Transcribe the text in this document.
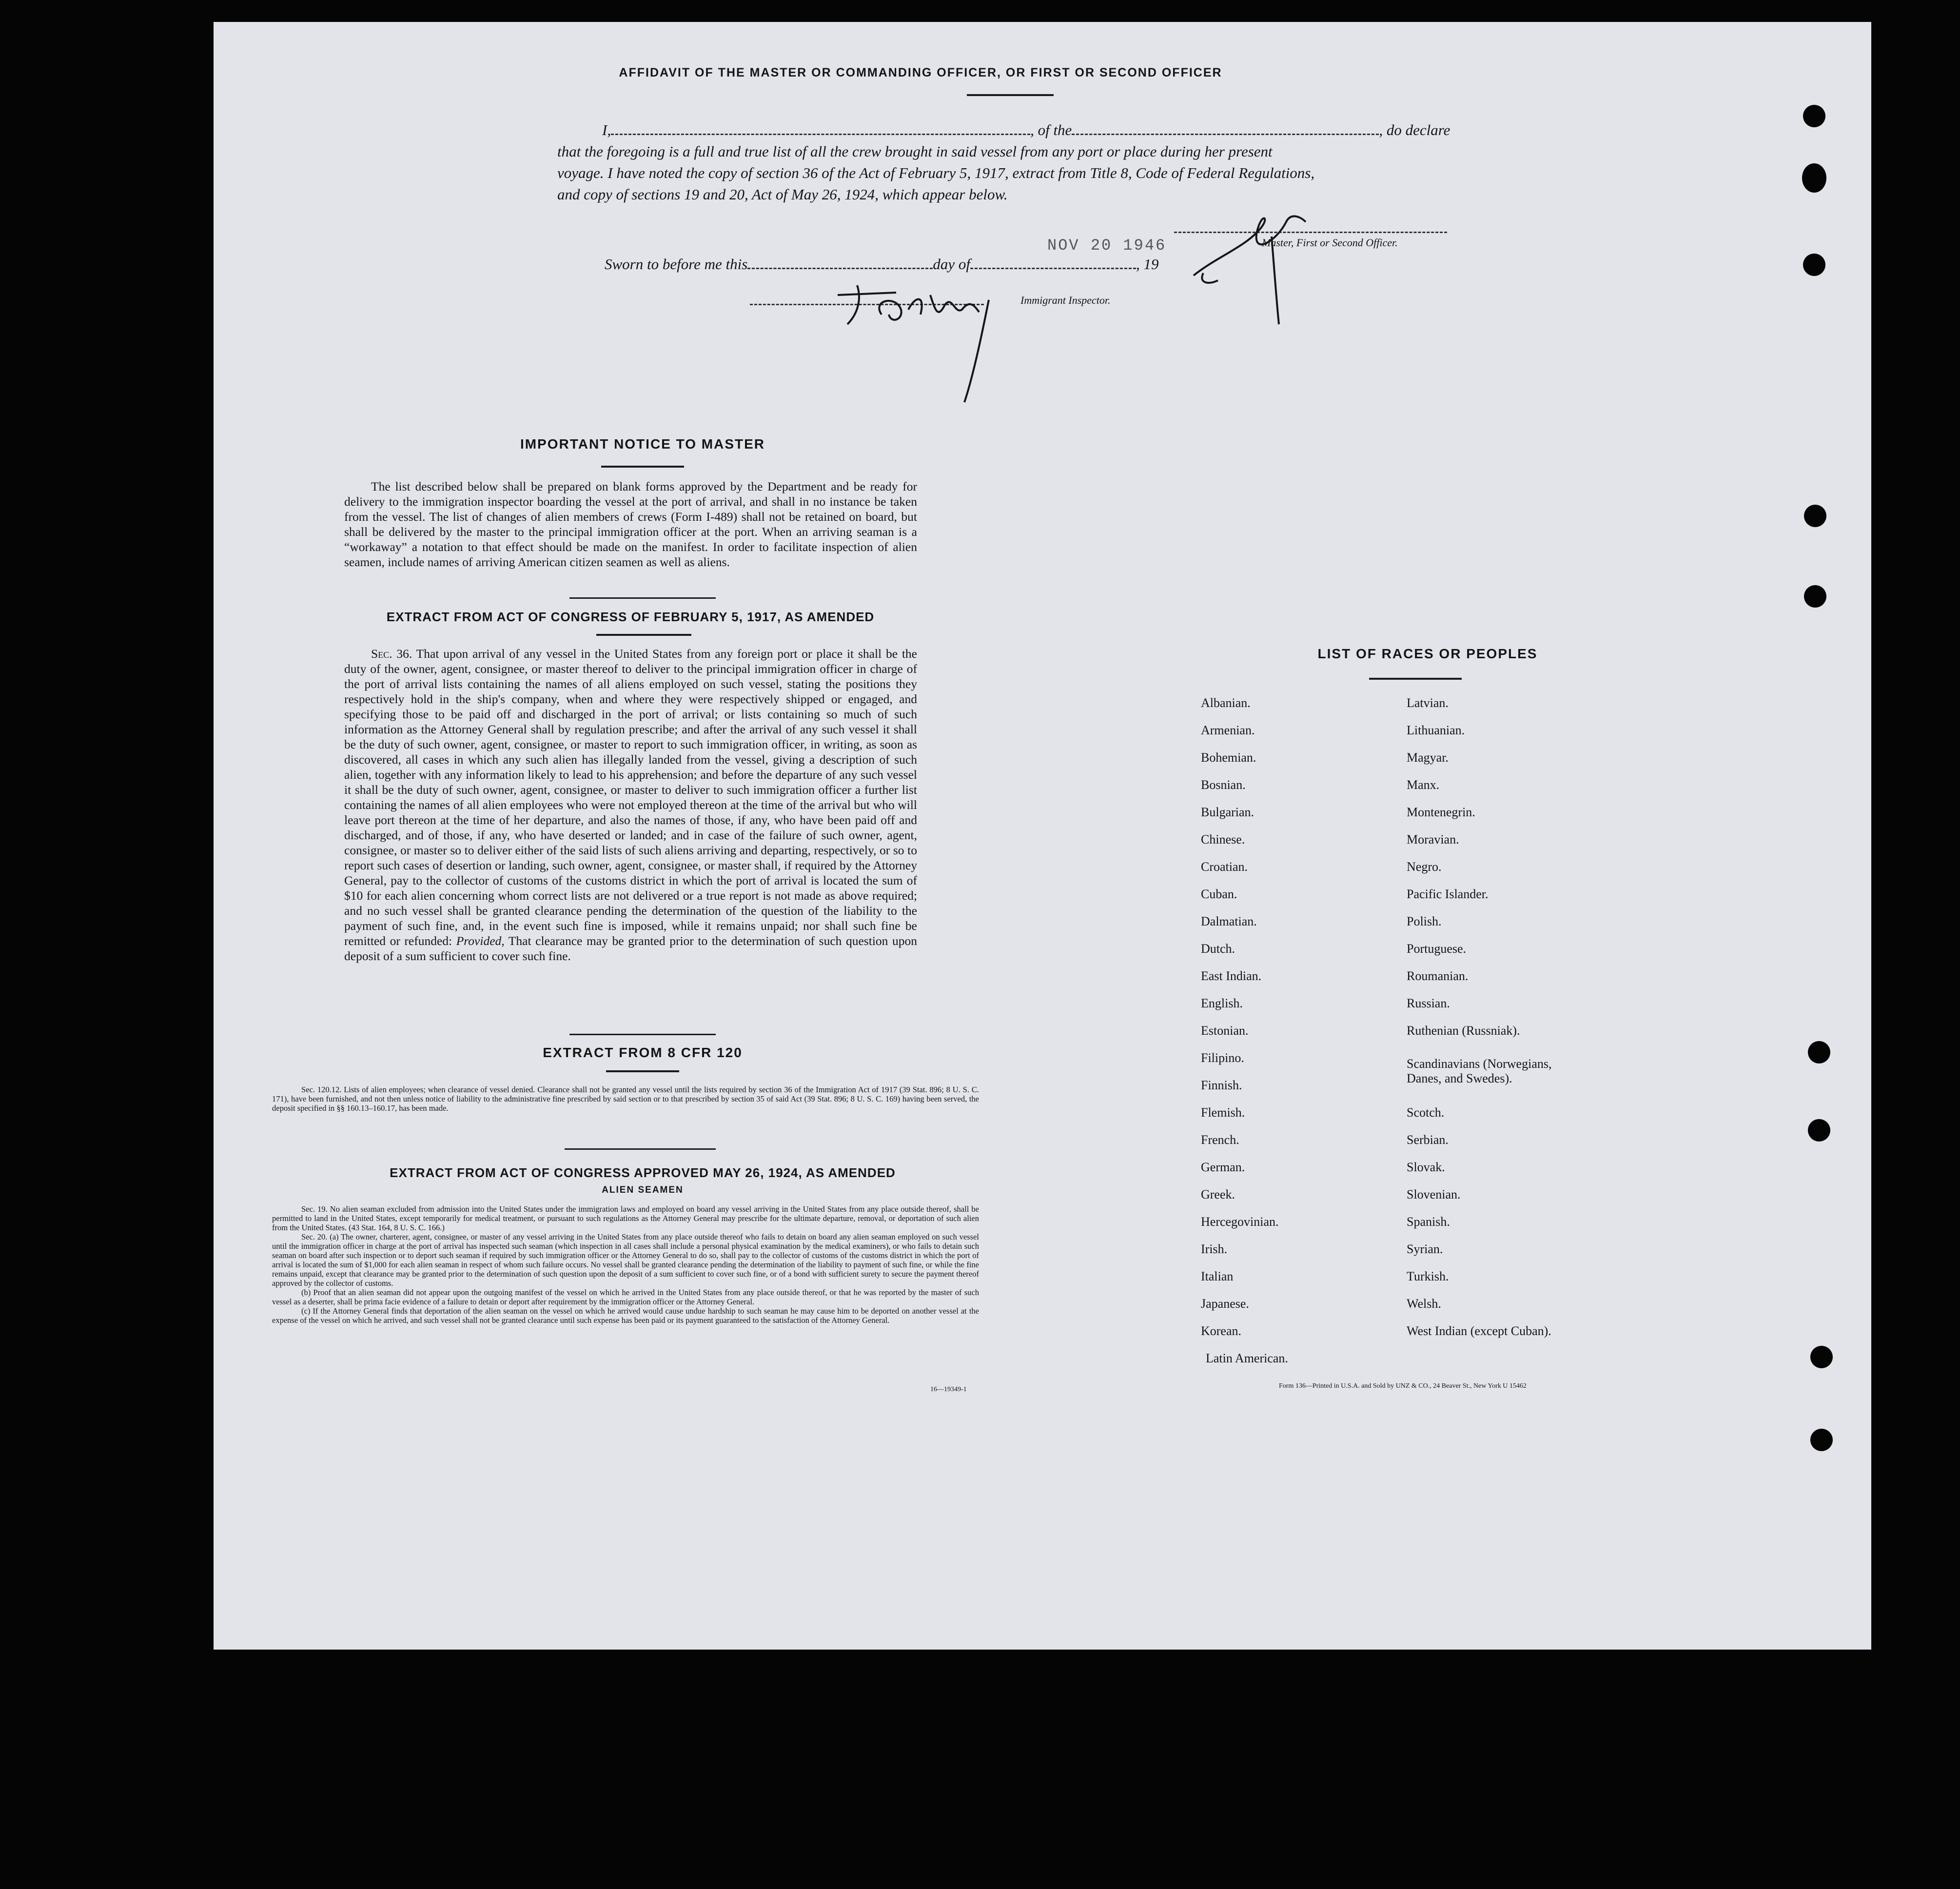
AFFIDAVIT OF THE MASTER OR COMMANDING OFFICER, OR FIRST OR SECOND OFFICER
I,	, of the	, do declare
that the foregoing is a full and true list of all the crew brought in said vessel from any port or place during her present
voyage. I have noted the copy of section 36 of the Act of February 5, 1917, extract from Title 8, Code of Federal Regulations,
and copy of sections 19 and 20, Act of May 26, 1924, which appear below.
Master, First or Second Officer.
Sworn to before me this	day of	, 19
NOV 20 1946
Immigrant Inspector.
IMPORTANT NOTICE TO MASTER

The list described below shall be prepared on blank forms approved by the Department and be ready for delivery to the immigration inspector boarding the vessel at the port of arrival, and shall in no instance be taken from the vessel. The list of changes of alien members of crews (Form I-489) shall not be retained on board, but shall be delivered by the master to the principal immigration officer at the port. When an arriving seaman is a “workaway” a notation to that effect should be made on the manifest. In order to facilitate inspection of alien seamen, include names of arriving American citizen seamen as well as aliens.

EXTRACT FROM ACT OF CONGRESS OF FEBRUARY 5, 1917, AS AMENDED

Sec. 36. That upon arrival of any vessel in the United States from any foreign port or place it shall be the duty of the owner, agent, consignee, or master thereof to deliver to the principal immigration officer in charge of the port of arrival lists containing the names of all aliens employed on such vessel, stating the positions they respectively hold in the ship's company, when and where they were respectively shipped or engaged, and specifying those to be paid off and discharged in the port of arrival; or lists containing so much of such information as the Attorney General shall by regulation prescribe; and after the arrival of any such vessel it shall be the duty of such owner, agent, consignee, or master to report to such immigration officer, in writing, as soon as discovered, all cases in which any such alien has illegally landed from the vessel, giving a description of such alien, together with any information likely to lead to his apprehension; and before the departure of any such vessel it shall be the duty of such owner, agent, consignee, or master to deliver to such immigration officer a further list containing the names of all alien employees who were not employed thereon at the time of the arrival but who will leave port thereon at the time of her departure, and also the names of those, if any, who have been paid off and discharged, and of those, if any, who have deserted or landed; and in case of the failure of such owner, agent, consignee, or master so to deliver either of the said lists of such aliens arriving and departing, respectively, or so to report such cases of desertion or landing, such owner, agent, consignee, or master shall, if required by the Attorney General, pay to the collector of customs of the customs district in which the port of arrival is located the sum of $10 for each alien concerning whom correct lists are not delivered or a true report is not made as above required; and no such vessel shall be granted clearance pending the determination of the question of the liability to the payment of such fine, and, in the event such fine is imposed, while it remains unpaid; nor shall such fine be remitted or refunded: Provided, That clearance may be granted prior to the determination of such question upon deposit of a sum sufficient to cover such fine.

EXTRACT FROM 8 CFR 120

Sec. 120.12. Lists of alien employees; when clearance of vessel denied. Clearance shall not be granted any vessel until the lists required by section 36 of the Immigration Act of 1917 (39 Stat. 896; 8 U. S. C. 171), have been furnished, and not then unless notice of liability to the administrative fine prescribed by said section or to that prescribed by section 35 of said Act (39 Stat. 896; 8 U. S. C. 169) having been served, the deposit specified in §§ 160.13–160.17, has been made.

EXTRACT FROM ACT OF CONGRESS APPROVED MAY 26, 1924, AS AMENDED
ALIEN SEAMEN

Sec. 19. No alien seaman excluded from admission into the United States under the immigration laws and employed on board any vessel arriving in the United States from any place outside thereof, shall be permitted to land in the United States, except temporarily for medical treatment, or pursuant to such regulations as the Attorney General may prescribe for the ultimate departure, removal, or deportation of such alien from the United States. (43 Stat. 164, 8 U. S. C. 166.)

Sec. 20. (a) The owner, charterer, agent, consignee, or master of any vessel arriving in the United States from any place outside thereof who fails to detain on board any alien seaman employed on such vessel until the immigration officer in charge at the port of arrival has inspected such seaman (which inspection in all cases shall include a personal physical examination by the medical examiners), or who fails to detain such seaman on board after such inspection or to deport such seaman if required by such immigration officer or the Attorney General to do so, shall pay to the collector of customs of the customs district in which the port of arrival is located the sum of $1,000 for each alien seaman in respect of whom such failure occurs. No vessel shall be granted clearance pending the determination of the liability to payment of such fine, or while the fine remains unpaid, except that clearance may be granted prior to the determination of such question upon the deposit of a sum sufficient to cover such fine, or of a bond with sufficient surety to secure the payment thereof approved by the collector of customs.

(b) Proof that an alien seaman did not appear upon the outgoing manifest of the vessel on which he arrived in the United States from any place outside thereof, or that he was reported by the master of such vessel as a deserter, shall be prima facie evidence of a failure to detain or deport after requirement by the immigration officer or the Attorney General.

(c) If the Attorney General finds that deportation of the alien seaman on the vessel on which he arrived would cause undue hardship to such seaman he may cause him to be deported on another vessel at the expense of the vessel on which he arrived, and such vessel shall not be granted clearance until such expense has been paid or its payment guaranteed to the satisfaction of the Attorney General.

16—19349-1
LIST OF RACES OR PEOPLES
Albanian.
Armenian.
Bohemian.
Bosnian.
Bulgarian.
Chinese.
Croatian.
Cuban.
Dalmatian.
Dutch.
East Indian.
English.
Estonian.
Filipino.
Finnish.
Flemish.
French.
German.
Greek.
Hercegovinian.
Irish.
Italian
Japanese.
Korean.
Latin American.
Latvian.
Lithuanian.
Magyar.
Manx.
Montenegrin.
Moravian.
Negro.
Pacific Islander.
Polish.
Portuguese.
Roumanian.
Russian.
Ruthenian (Russniak).
Scandinavians (Norwegians,
Danes, and Swedes).
Scotch.
Serbian.
Slovak.
Slovenian.
Spanish.
Syrian.
Turkish.
Welsh.
West Indian (except Cuban).
Form 136—Printed in U.S.A. and Sold by UNZ & CO., 24 Beaver St., New York U 15462
